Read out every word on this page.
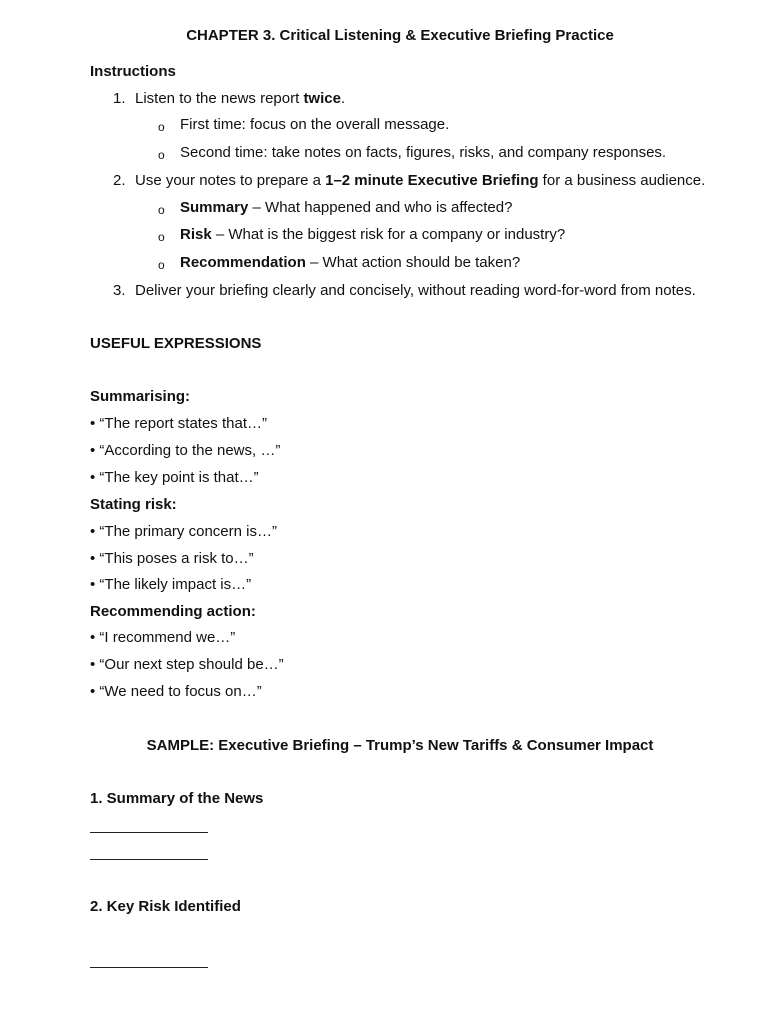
CHAPTER 3. Critical Listening & Executive Briefing Practice
Instructions
1. Listen to the news report twice.
o First time: focus on the overall message.
o Second time: take notes on facts, figures, risks, and company responses.
2. Use your notes to prepare a 1–2 minute Executive Briefing for a business audience.
o Summary – What happened and who is affected?
o Risk – What is the biggest risk for a company or industry?
o Recommendation – What action should be taken?
3. Deliver your briefing clearly and concisely, without reading word-for-word from notes.
USEFUL EXPRESSIONS
Summarising:
• “The report states that…”
• “According to the news, …”
• “The key point is that…”
Stating risk:
• “The primary concern is…”
• “This poses a risk to…”
• “The likely impact is…”
Recommending action:
• “I recommend we…”
• “Our next step should be…”
• “We need to focus on…”
SAMPLE: Executive Briefing – Trump’s New Tariffs & Consumer Impact
1. Summary of the News
2. Key Risk Identified
